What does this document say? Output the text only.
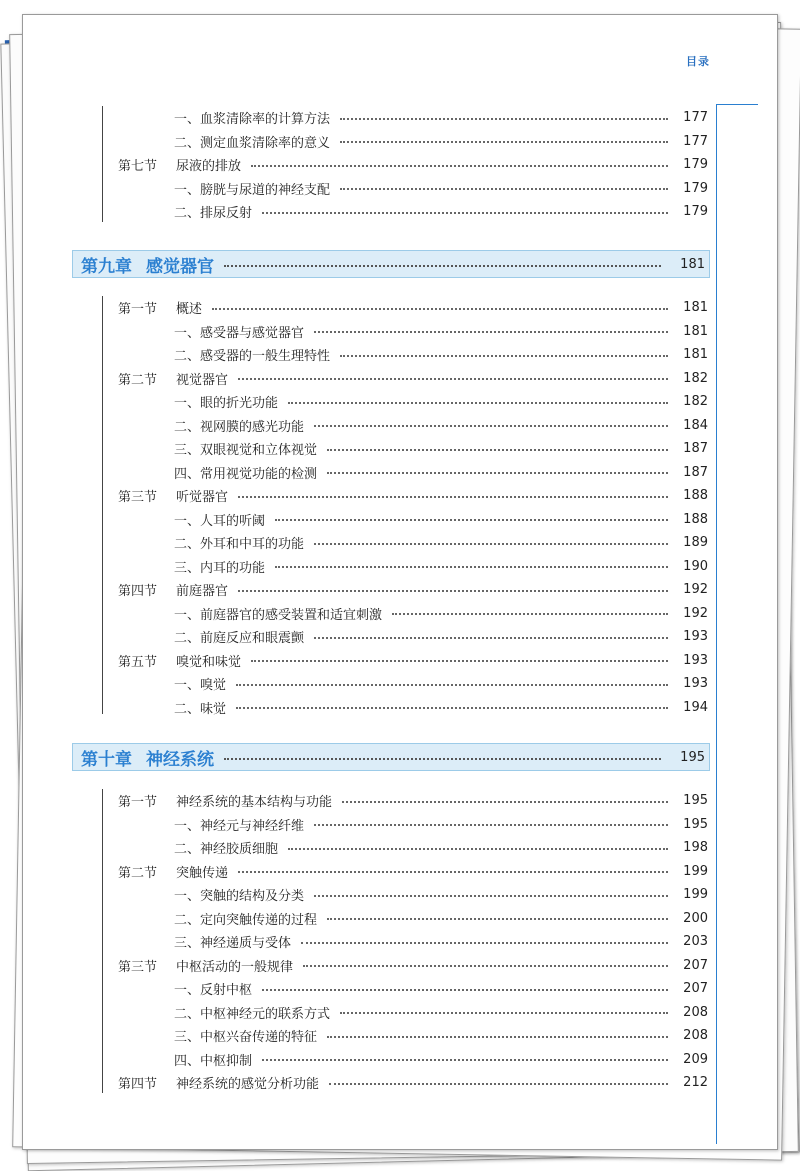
目录
一、血浆清除率的计算方法	177
二、测定血浆清除率的意义	177
第七节	尿液的排放	179
一、膀胱与尿道的神经支配	179
二、排尿反射	179
第九章 感觉器官	181
第一节	概述	181
一、感受器与感觉器官	181
二、感受器的一般生理特性	181
第二节	视觉器官	182
一、眼的折光功能	182
二、视网膜的感光功能	184
三、双眼视觉和立体视觉	187
四、常用视觉功能的检测	187
第三节	听觉器官	188
一、人耳的听阈	188
二、外耳和中耳的功能	189
三、内耳的功能	190
第四节	前庭器官	192
一、前庭器官的感受装置和适宜刺激	192
二、前庭反应和眼震颤	193
第五节	嗅觉和味觉	193
一、嗅觉	193
二、味觉	194
第十章 神经系统	195
第一节	神经系统的基本结构与功能	195
一、神经元与神经纤维	195
二、神经胶质细胞	198
第二节	突触传递	199
一、突触的结构及分类	199
二、定向突触传递的过程	200
三、神经递质与受体	203
第三节	中枢活动的一般规律	207
一、反射中枢	207
二、中枢神经元的联系方式	208
三、中枢兴奋传递的特征	208
四、中枢抑制	209
第四节	神经系统的感觉分析功能	212
